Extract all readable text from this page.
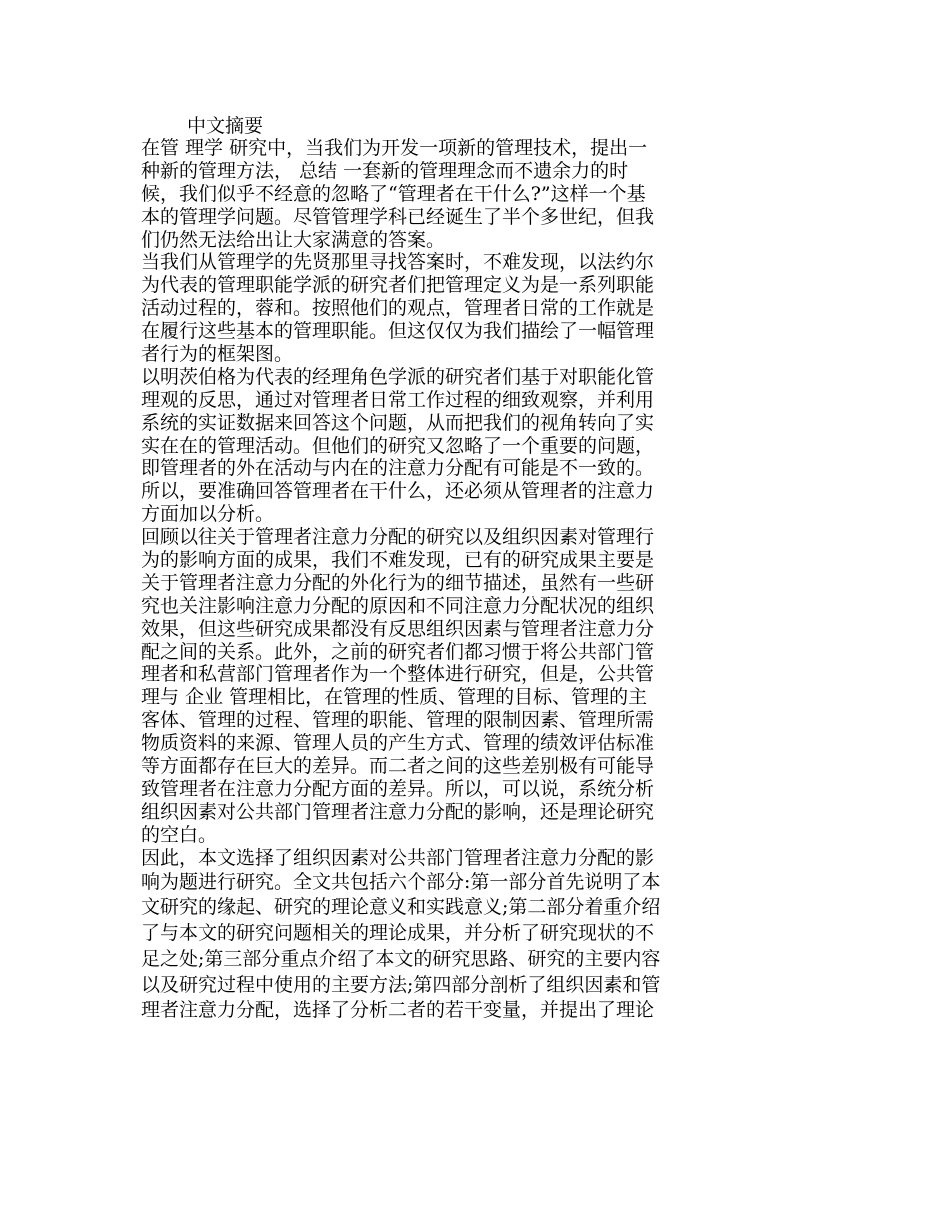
中文摘要
在管 理学 研究中，当我们为开发一项新的管理技术，提出一
种新的管理方法， 总结 一套新的管理理念而不遗余力的时
候，我们似乎不经意的忽略了“管理者在干什么?”这样一个基
本的管理学问题。尽管管理学科已经诞生了半个多世纪，但我
们仍然无法给出让大家满意的答案。
当我们从管理学的先贤那里寻找答案时，不难发现，以法约尔
为代表的管理职能学派的研究者们把管理定义为是一系列职能
活动过程的，蓉和。按照他们的观点，管理者日常的工作就是
在履行这些基本的管理职能。但这仅仅为我们描绘了一幅管理
者行为的框架图。
以明茨伯格为代表的经理角色学派的研究者们基于对职能化管
理观的反思，通过对管理者日常工作过程的细致观察，并利用
系统的实证数据来回答这个问题，从而把我们的视角转向了实
实在在的管理活动。但他们的研究又忽略了一个重要的问题，
即管理者的外在活动与内在的注意力分配有可能是不一致的。
所以，要准确回答管理者在干什么，还必须从管理者的注意力
方面加以分析。
回顾以往关于管理者注意力分配的研究以及组织因素对管理行
为的影响方面的成果，我们不难发现，已有的研究成果主要是
关于管理者注意力分配的外化行为的细节描述，虽然有一些研
究也关注影响注意力分配的原因和不同注意力分配状况的组织
效果，但这些研究成果都没有反思组织因素与管理者注意力分
配之间的关系。此外，之前的研究者们都习惯于将公共部门管
理者和私营部门管理者作为一个整体进行研究，但是，公共管
理与 企业 管理相比，在管理的性质、管理的目标、管理的主
客体、管理的过程、管理的职能、管理的限制因素、管理所需
物质资料的来源、管理人员的产生方式、管理的绩效评估标准
等方面都存在巨大的差异。而二者之间的这些差别极有可能导
致管理者在注意力分配方面的差异。所以，可以说，系统分析
组织因素对公共部门管理者注意力分配的影响，还是理论研究
的空白。
因此，本文选择了组织因素对公共部门管理者注意力分配的影
响为题进行研究。全文共包括六个部分:第一部分首先说明了本
文研究的缘起、研究的理论意义和实践意义;第二部分着重介绍
了与本文的研究问题相关的理论成果，并分析了研究现状的不
足之处;第三部分重点介绍了本文的研究思路、研究的主要内容
以及研究过程中使用的主要方法;第四部分剖析了组织因素和管
理者注意力分配，选择了分析二者的若干变量，并提出了理论
